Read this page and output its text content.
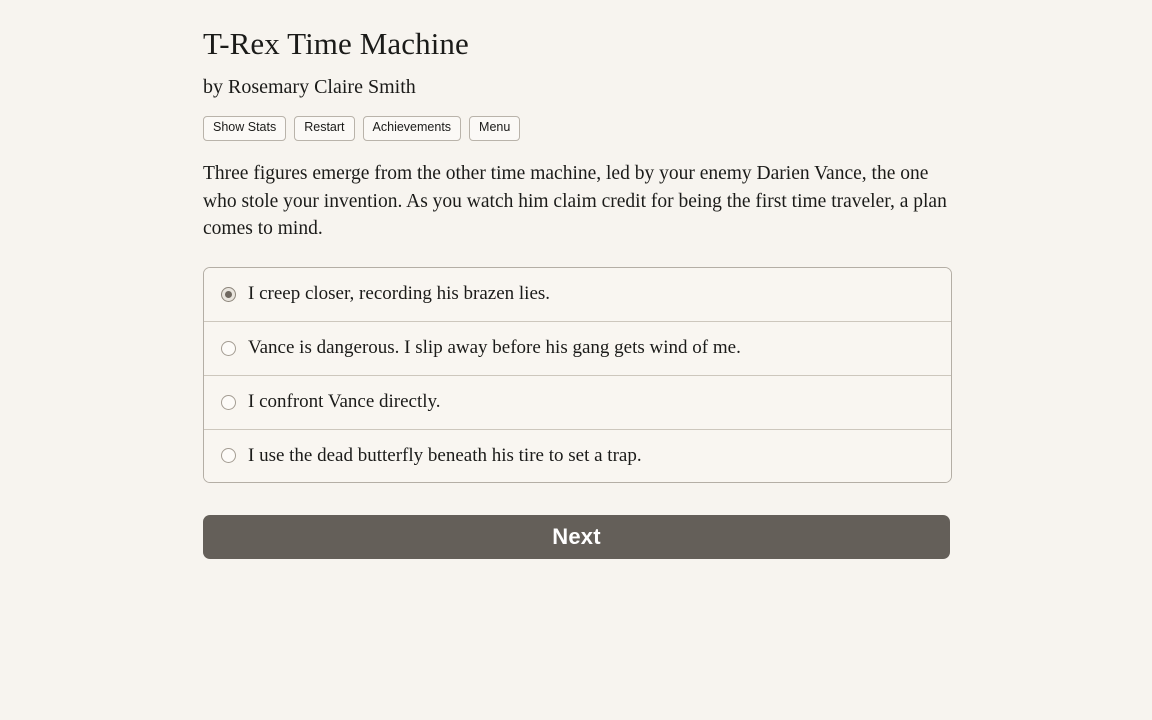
T-Rex Time Machine
by Rosemary Claire Smith
Show Stats	Restart	Achievements	Menu

Three figures emerge from the other time machine, led by your enemy Darien Vance, the one who stole your invention. As you watch him claim credit for being the first time traveler, a plan comes to mind.

I creep closer, recording his brazen lies.
Vance is dangerous. I slip away before his gang gets wind of me.
I confront Vance directly.
I use the dead butterfly beneath his tire to set a trap.
Next
